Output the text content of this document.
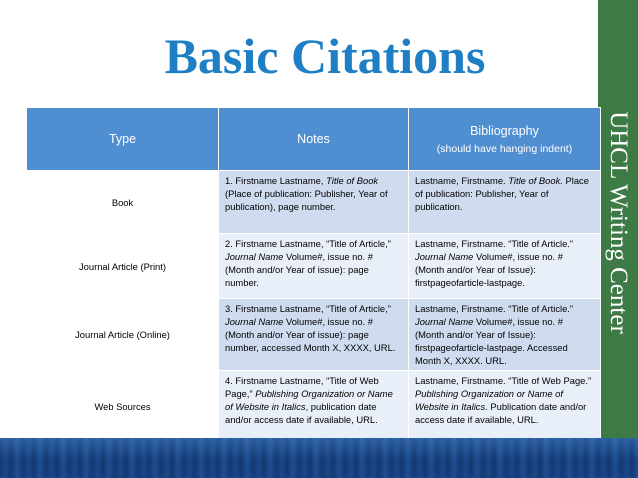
UHCL Writing Center
Basic Citations
Type	Notes	Bibliography
(should have hanging indent)

Book	1. Firstname Lastname, Title of Book (Place of publication: Publisher, Year of publication), page number.	Lastname, Firstname. Title of Book. Place of publication: Publisher, Year of publication.
Journal Article (Print)	2. Firstname Lastname, “Title of Article,” Journal Name Volume#, issue no. # (Month and/or Year of issue): page number.	Lastname, Firstname. “Title of Article.” Journal Name Volume#, issue no. # (Month and/or Year of Issue): firstpageofarticle-lastpage.
Journal Article (Online)	3. Firstname Lastname, “Title of Article,” Journal Name Volume#, issue no. # (Month and/or Year of issue): page number, accessed Month X, XXXX, URL.	Lastname, Firstname. “Title of Article.” Journal Name Volume#, issue no. # (Month and/or Year of Issue): firstpageofarticle-lastpage. Accessed Month X, XXXX. URL.
Web Sources	4. Firstname Lastname, “Title of Web Page,” Publishing Organization or Name of Website in Italics, publication date and/or access date if available, URL.	Lastname, Firstname. “Title of Web Page.” Publishing Organization or Name of Website in Italics. Publication date and/or access date if available, URL.
